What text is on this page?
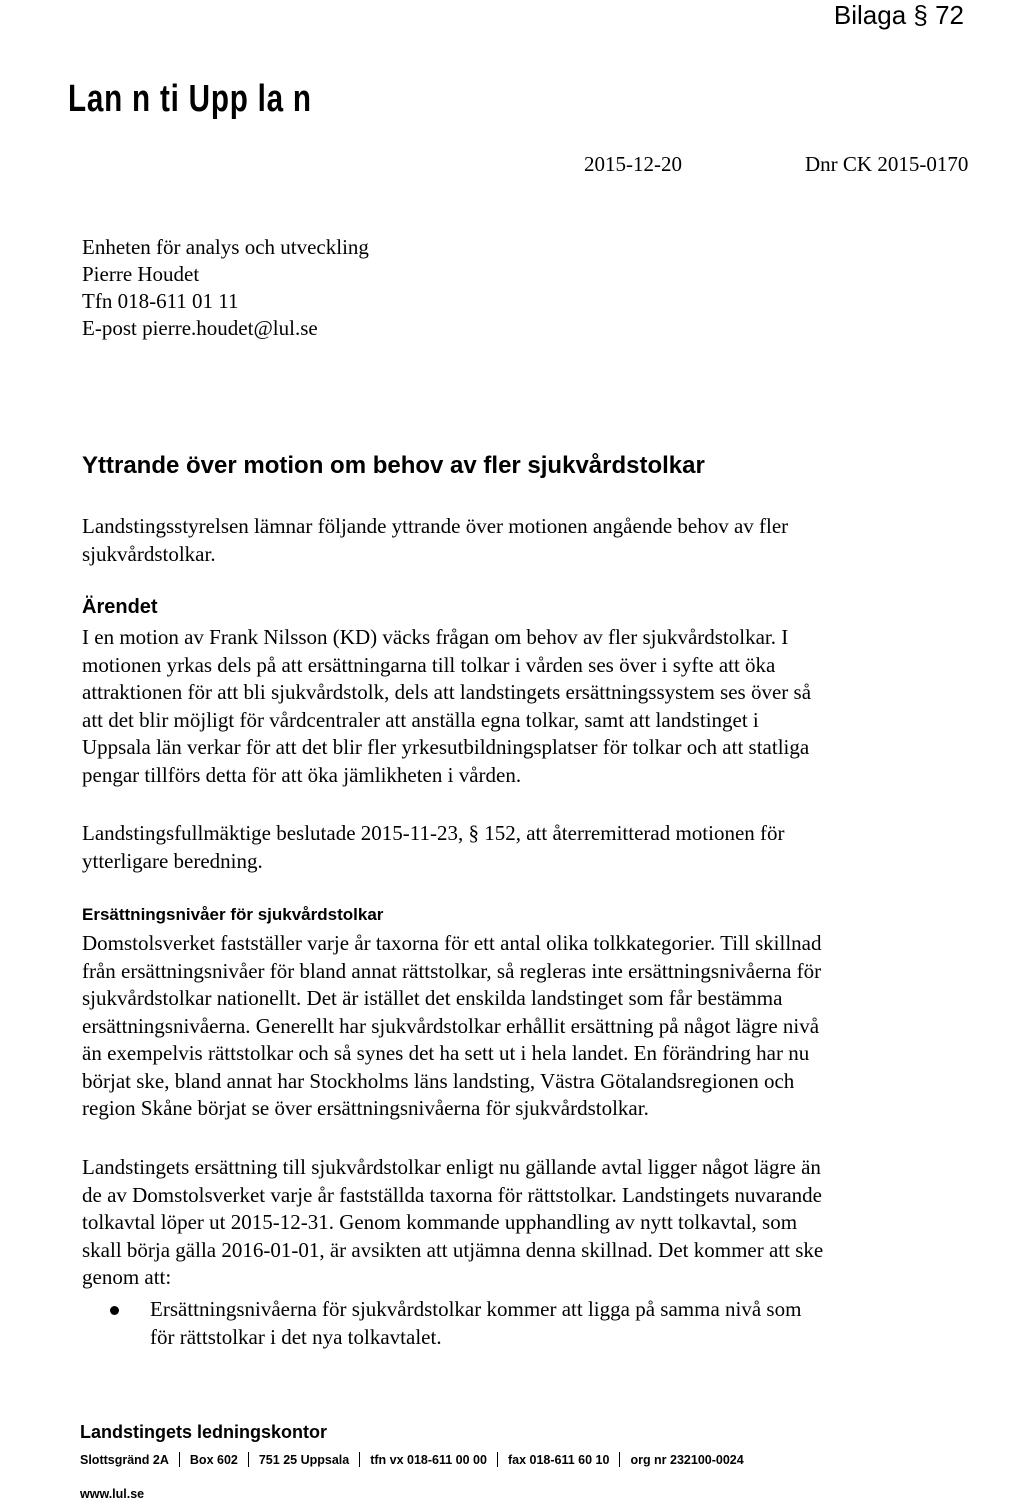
Bilaga § 72
Lan n ti Upp la n
2015-12-20	Dnr CK 2015-0170
Enheten för analys och utveckling
Pierre Houdet
Tfn 018-611 01 11
E-post pierre.houdet@lul.se
Yttrande över motion om behov av fler sjukvårdstolkar
Landstingsstyrelsen lämnar följande yttrande över motionen angående behov av fler
sjukvårdstolkar.
Ärendet
I en motion av Frank Nilsson (KD) väcks frågan om behov av fler sjukvårdstolkar. I
motionen yrkas dels på att ersättningarna till tolkar i vården ses över i syfte att öka
attraktionen för att bli sjukvårdstolk, dels att landstingets ersättningssystem ses över så
att det blir möjligt för vårdcentraler att anställa egna tolkar, samt att landstinget i
Uppsala län verkar för att det blir fler yrkesutbildningsplatser för tolkar och att statliga
pengar tillförs detta för att öka jämlikheten i vården.
Landstingsfullmäktige beslutade 2015-11-23, § 152, att återremitterad motionen för
ytterligare beredning.
Ersättningsnivåer för sjukvårdstolkar
Domstolsverket fastställer varje år taxorna för ett antal olika tolkkategorier. Till skillnad
från ersättningsnivåer för bland annat rättstolkar, så regleras inte ersättningsnivåerna för
sjukvårdstolkar nationellt. Det är istället det enskilda landstinget som får bestämma
ersättningsnivåerna. Generellt har sjukvårdstolkar erhållit ersättning på något lägre nivå
än exempelvis rättstolkar och så synes det ha sett ut i hela landet. En förändring har nu
börjat ske, bland annat har Stockholms läns landsting, Västra Götalandsregionen och
region Skåne börjat se över ersättningsnivåerna för sjukvårdstolkar.
Landstingets ersättning till sjukvårdstolkar enligt nu gällande avtal ligger något lägre än
de av Domstolsverket varje år fastställda taxorna för rättstolkar. Landstingets nuvarande
tolkavtal löper ut 2015-12-31. Genom kommande upphandling av nytt tolkavtal, som
skall börja gälla 2016-01-01, är avsikten att utjämna denna skillnad. Det kommer att ske
genom att:
Ersättningsnivåerna för sjukvårdstolkar kommer att ligga på samma nivå som
för rättstolkar i det nya tolkavtalet.
Landstingets ledningskontor
Slottsgränd 2A Box 602 751 25 Uppsala tfn vx 018-611 00 00 fax 018-611 60 10 org nr 232100-0024
www.lul.se
